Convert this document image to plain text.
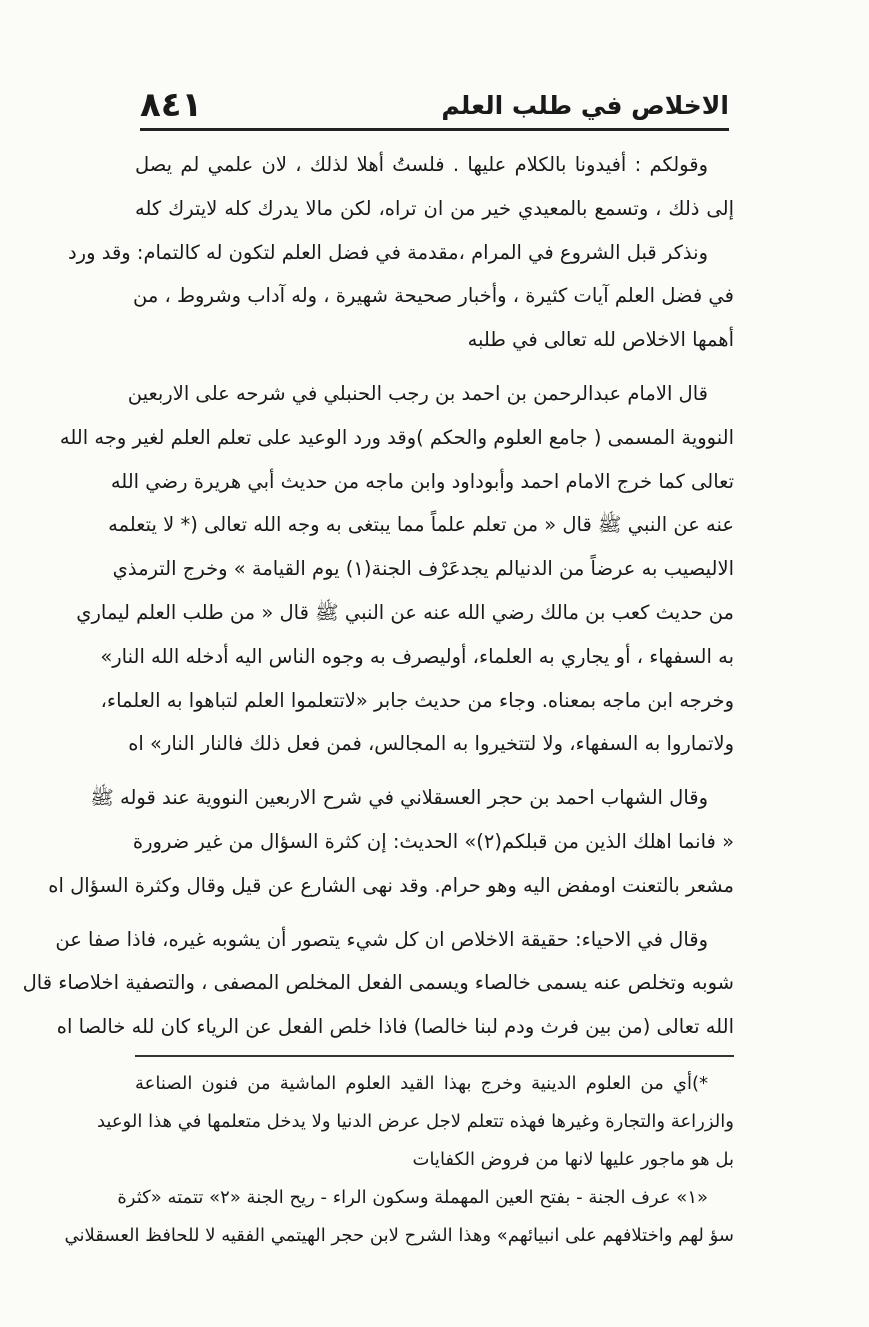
الاخلاص في طلب العلم
٨٤١
وقولكم : أفيدونا بالكلام عليها . فلستُ أهلا لذلك ، لان علمي لم يصل
إلى ذلك ، وتسمع بالمعيدي خير من ان تراه، لكن مالا يدرك كله لايترك كله
ونذكر قبل الشروع في المرام ،مقدمة في فضل العلم لتكون له كالتمام: وقد ورد
في فضل العلم آيات كثيرة ، وأخبار صحيحة شهيرة ، وله آداب وشروط ، من
أهمها الاخلاص لله تعالى في طلبه
قال الامام عبدالرحمن بن احمد بن رجب الحنبلي في شرحه على الاربعين
النووية المسمى ( جامع العلوم والحكم )وقد ورد الوعيد على تعلم العلم لغير وجه الله
تعالى كما خرج الامام احمد وأبوداود وابن ماجه من حديث أبي هريرة رضي الله
عنه عن النبي ﷺ قال « من تعلم علماً مما يبتغى به وجه الله تعالى (* لا يتعلمه
الاليصيب به عرضاً من الدنيالم يجدعَرْف الجنة(١) يوم القيامة » وخرج الترمذي
من حديث كعب بن مالك رضي الله عنه عن النبي ﷺ قال « من طلب العلم ليماري
به السفهاء ، أو يجاري به العلماء، أوليصرف به وجوه الناس اليه أدخله الله النار»
وخرجه ابن ماجه بمعناه. وجاء من حديث جابر «لاتتعلموا العلم لتباهوا به العلماء،
ولاتماروا به السفهاء، ولا لتتخيروا به المجالس، فمن فعل ذلك فالنار النار» اه
وقال الشهاب احمد بن حجر العسقلاني في شرح الاربعين النووية عند قوله ﷺ
« فانما اهلك الذين من قبلكم(٢)» الحديث: إن كثرة السؤال من غير ضرورة
مشعر بالتعنت اومفض اليه وهو حرام. وقد نهى الشارع عن قيل وقال وكثرة السؤال اه
وقال في الاحياء: حقيقة الاخلاص ان كل شيء يتصور أن يشوبه غيره، فاذا صفا عن
شوبه وتخلص عنه يسمى خالصاء ويسمى الفعل المخلص المصفى ، والتصفية اخلاصاء قال
الله تعالى (من بين فرث ودم لبنا خالصا) فاذا خلص الفعل عن الرياء كان لله خالصا اه
*)أي من العلوم الدينية وخرج بهذا القيد العلوم الماشية من فنون الصناعة
والزراعة والتجارة وغيرها فهذه تتعلم لاجل عرض الدنيا ولا يدخل متعلمها في هذا الوعيد
بل هو ماجور عليها لانها من فروض الكفايات
«١» عرف الجنة - بفتح العين المهملة وسكون الراء - ريح الجنة «٢» تتمته «كثرة
سؤ لهم واختلافهم على انبيائهم» وهذا الشرح لابن حجر الهيتمي الفقيه لا للحافظ العسقلاني
